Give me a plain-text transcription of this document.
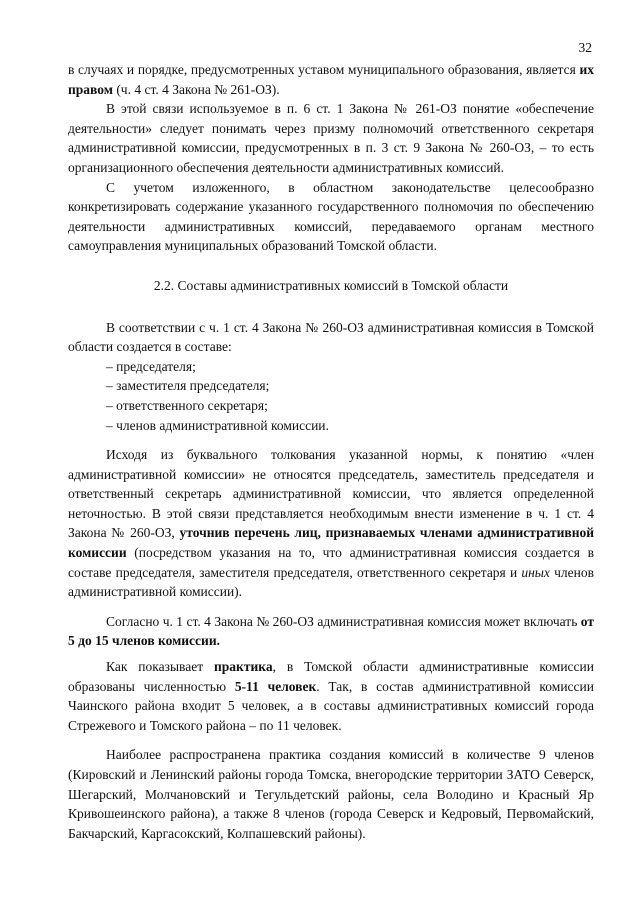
32

в случаях и порядке, предусмотренных уставом муниципального образования, является их правом (ч. 4 ст. 4 Закона № 261-ОЗ).

В этой связи используемое в п. 6 ст. 1 Закона № 261-ОЗ понятие «обеспечение деятельности» следует понимать через призму полномочий ответственного секретаря административной комиссии, предусмотренных в п. 3 ст. 9 Закона № 260-ОЗ, – то есть организационного обеспечения деятельности административных комиссий.

С учетом изложенного, в областном законодательстве целесообразно конкретизировать содержание указанного государственного полномочия по обеспечению деятельности административных комиссий, передаваемого органам местного самоуправления муниципальных образований Томской области.

2.2. Составы административных комиссий в Томской области

В соответствии с ч. 1 ст. 4 Закона № 260-ОЗ административная комиссия в Томской области создается в составе:

– председателя;

– заместителя председателя;

– ответственного секретаря;

– членов административной комиссии.

Исходя из буквального толкования указанной нормы, к понятию «член административной комиссии» не относятся председатель, заместитель председателя и ответственный секретарь административной комиссии, что является определенной неточностью. В этой связи представляется необходимым внести изменение в ч. 1 ст. 4 Закона № 260-ОЗ, уточнив перечень лиц, признаваемых членами административной комиссии (посредством указания на то, что административная комиссия создается в составе председателя, заместителя председателя, ответственного секретаря и иных членов административной комиссии).

Согласно ч. 1 ст. 4 Закона № 260-ОЗ административная комиссия может включать от 5 до 15 членов комиссии.

Как показывает практика, в Томской области административные комиссии образованы численностью 5-11 человек. Так, в состав административной комиссии Чаинского района входит 5 человек, а в составы административных комиссий города Стрежевого и Томского района – по 11 человек.

Наиболее распространена практика создания комиссий в количестве 9 членов (Кировский и Ленинский районы города Томска, внегородские территории ЗАТО Северск, Шегарский, Молчановский и Тегульдетский районы, села Володино и Красный Яр Кривошеинского района), а также 8 членов (города Северск и Кедровый, Первомайский, Бакчарский, Каргасокский, Колпашевский районы).
